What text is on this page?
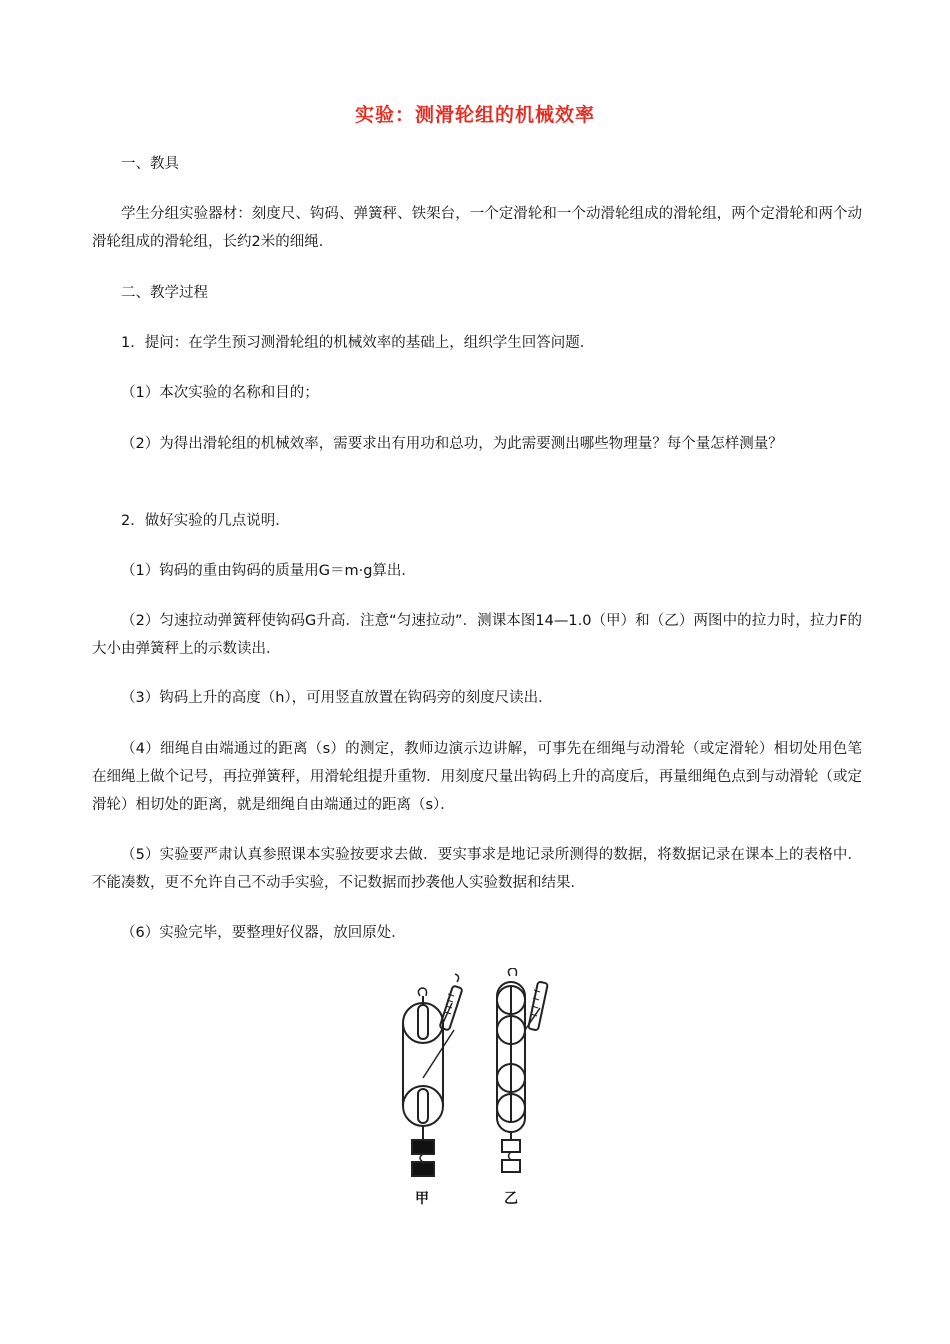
实验：测滑轮组的机械效率
一、教具
学生分组实验器材：刻度尺、钩码、弹簧秤、铁架台，一个定滑轮和一个动滑轮组成的滑轮组，两个定滑轮和两个动滑轮组成的滑轮组，长约2米的细绳．
二、教学过程
1．提问：在学生预习测滑轮组的机械效率的基础上，组织学生回答问题．
（1）本次实验的名称和目的；
（2）为得出滑轮组的机械效率，需要求出有用功和总功，为此需要测出哪些物理量？每个量怎样测量？
2．做好实验的几点说明．
（1）钩码的重由钩码的质量用G＝m·g算出．
（2）匀速拉动弹簧秤使钩码G升高．注意“匀速拉动”．测课本图14—1.0（甲）和（乙）两图中的拉力时，拉力F的大小由弹簧秤上的示数读出．
（3）钩码上升的高度（h），可用竖直放置在钩码旁的刻度尺读出．
（4）细绳自由端通过的距离（s）的测定，教师边演示边讲解，可事先在细绳与动滑轮（或定滑轮）相切处用色笔在细绳上做个记号，再拉弹簧秤，用滑轮组提升重物．用刻度尺量出钩码上升的高度后，再量细绳色点到与动滑轮（或定滑轮）相切处的距离，就是细绳自由端通过的距离（s）．
（5）实验要严肃认真参照课本实验按要求去做．要实事求是地记录所测得的数据，将数据记录在课本上的表格中．不能凑数，更不允许自己不动手实验，不记数据而抄袭他人实验数据和结果．
（6）实验完毕，要整理好仪器，放回原处．
甲	乙
